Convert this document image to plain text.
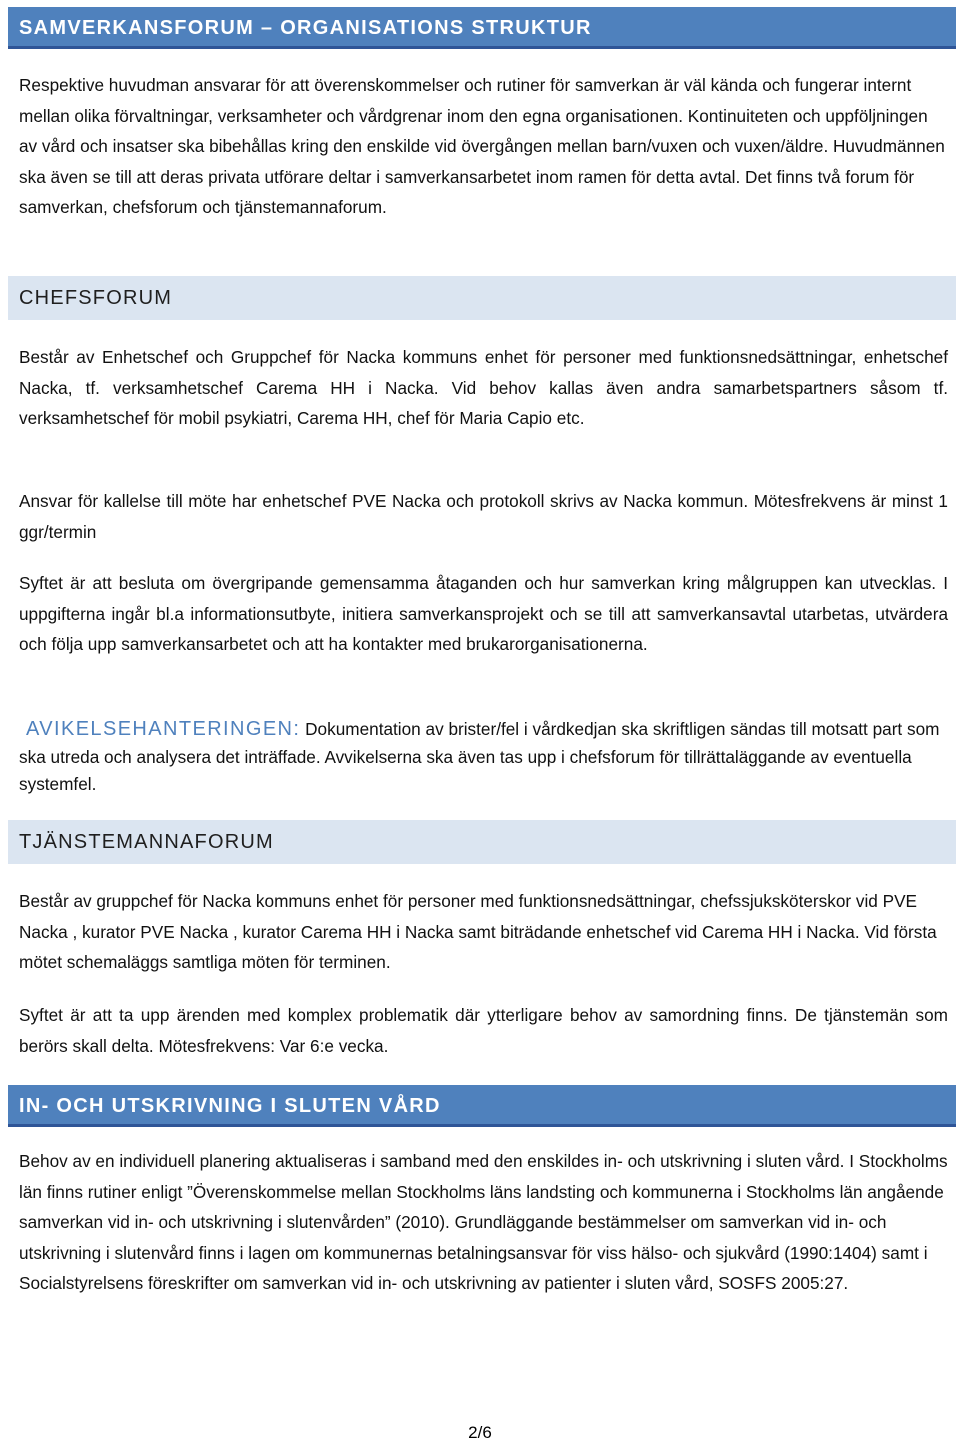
SAMVERKANSFORUM – ORGANISATIONS STRUKTUR

Respektive huvudman ansvarar för att överenskommelser och rutiner för samverkan är väl kända och fungerar internt mellan olika förvaltningar, verksamheter och vårdgrenar inom den egna organisationen. Kontinuiteten och uppföljningen av vård och insatser ska bibehållas kring den enskilde vid övergången mellan barn/vuxen och vuxen/äldre. Huvudmännen ska även se till att deras privata utförare deltar i samverkansarbetet inom ramen för detta avtal. Det finns två forum för samverkan, chefsforum och tjänstemannaforum.

CHEFSFORUM

Består av Enhetschef och Gruppchef för Nacka kommuns enhet för personer med funktionsnedsättningar, enhetschef Nacka, tf. verksamhetschef Carema HH i Nacka. Vid behov kallas även andra samarbetspartners såsom tf. verksamhetschef för mobil psykiatri, Carema HH, chef för Maria Capio etc.

Ansvar för kallelse till möte har enhetschef PVE Nacka och protokoll skrivs av Nacka kommun. Mötesfrekvens är minst 1 ggr/termin

Syftet är att besluta om övergripande gemensamma åtaganden och hur samverkan kring målgruppen kan utvecklas. I uppgifterna ingår bl.a informationsutbyte, initiera samverkansprojekt och se till att samverkansavtal utarbetas, utvärdera och följa upp samverkansarbetet och att ha kontakter med brukarorganisationerna.

AVIKELSEHANTERINGEN: Dokumentation av brister/fel i vårdkedjan ska skriftligen sändas till motsatt part som ska utreda och analysera det inträffade. Avvikelserna ska även tas upp i chefsforum för tillrättaläggande av eventuella systemfel.

TJÄNSTEMANNAFORUM

Består av gruppchef för Nacka kommuns enhet för personer med funktionsnedsättningar, chefssjuksköterskor vid PVE Nacka , kurator PVE Nacka , kurator Carema HH i Nacka samt biträdande enhetschef vid Carema HH i Nacka. Vid första mötet schemaläggs samtliga möten för terminen.

Syftet är att ta upp ärenden med komplex problematik där ytterligare behov av samordning finns. De tjänstemän som berörs skall delta. Mötesfrekvens: Var 6:e vecka.

IN- OCH UTSKRIVNING I SLUTEN VÅRD

Behov av en individuell planering aktualiseras i samband med den enskildes in- och utskrivning i sluten vård. I Stockholms län finns rutiner enligt ”Överenskommelse mellan Stockholms läns landsting och kommunerna i Stockholms län angående samverkan vid in- och utskrivning i slutenvården” (2010). Grundläggande bestämmelser om samverkan vid in- och utskrivning i slutenvård finns i lagen om kommunernas betalningsansvar för viss hälso- och sjukvård (1990:1404) samt i Socialstyrelsens föreskrifter om samverkan vid in- och utskrivning av patienter i sluten vård, SOSFS 2005:27.

2/6
